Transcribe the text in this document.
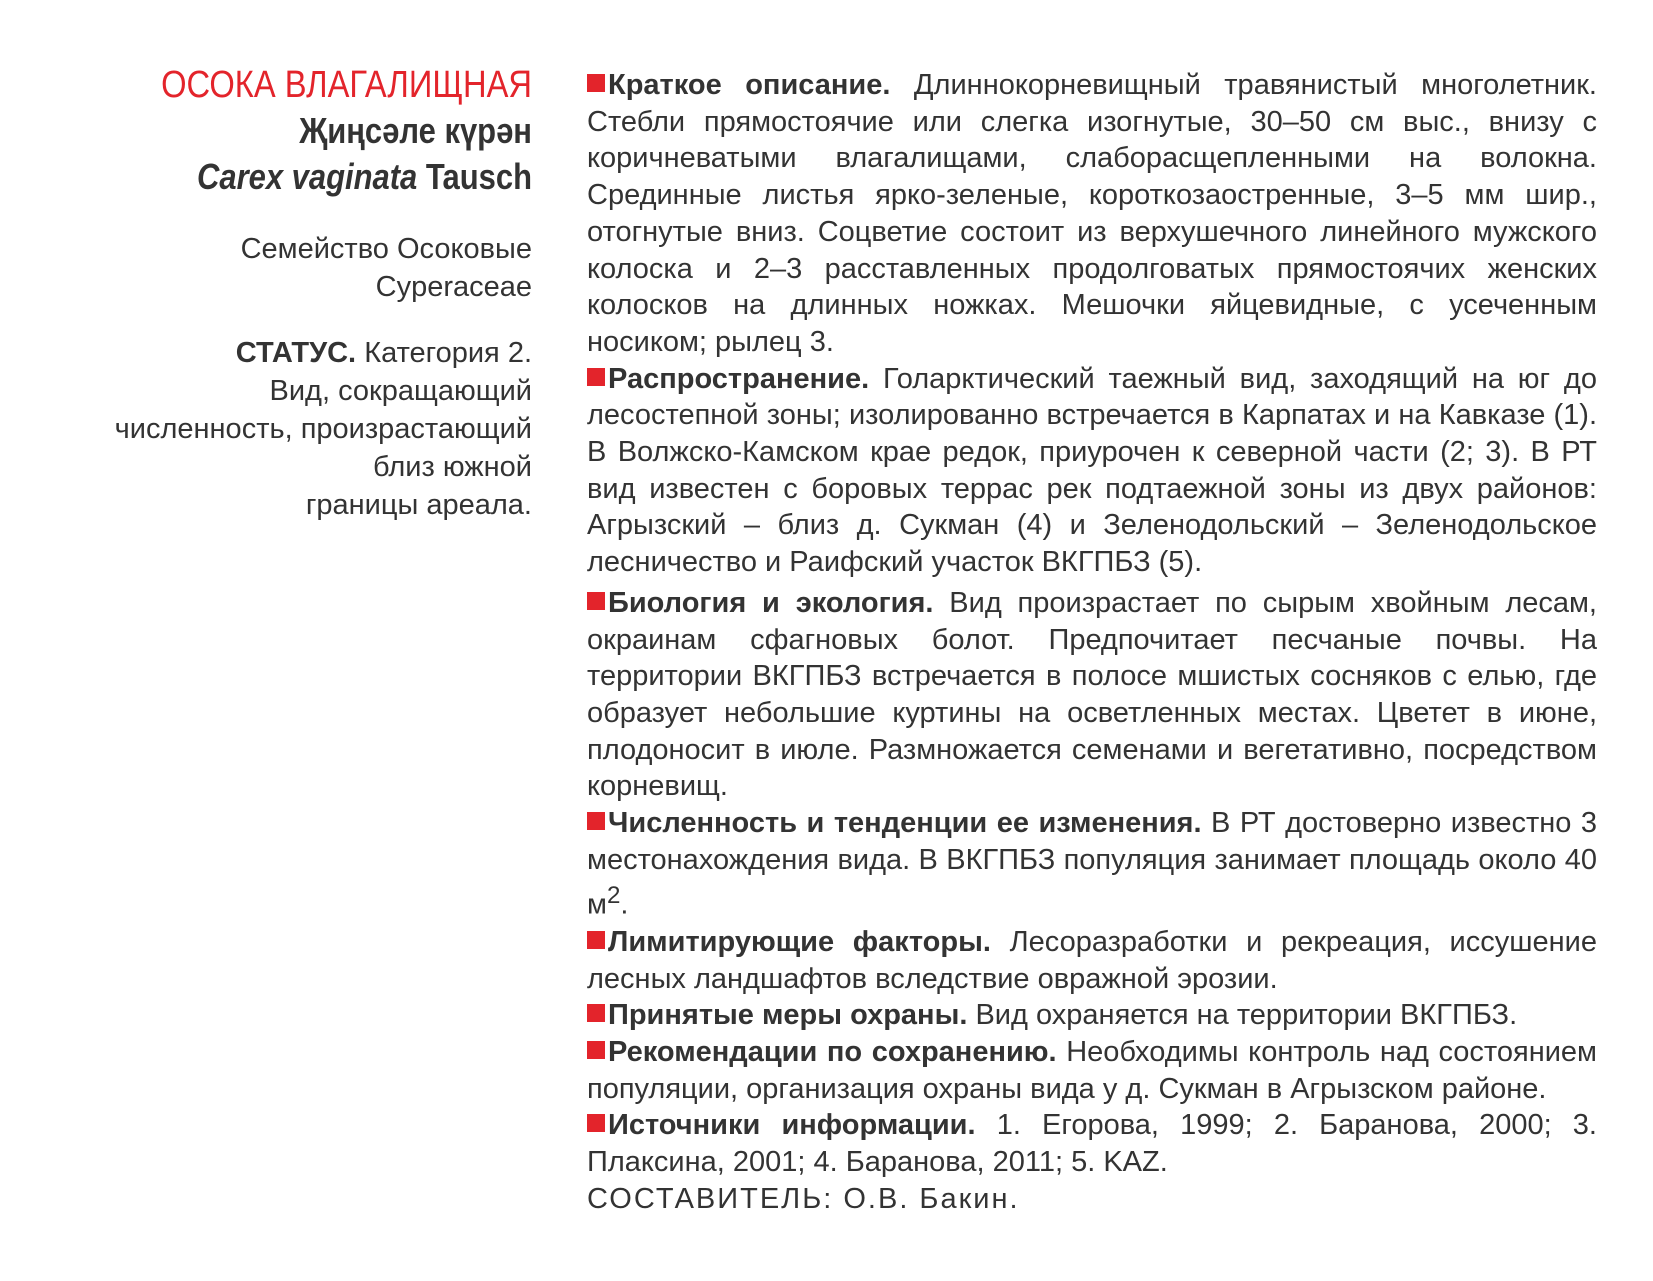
ОСОКА ВЛАГАЛИЩНАЯ
Җиңсәле күрән
Carex vaginata Tausch
Семейство Осоковые
Cyperaceae
СТАТУС. Категория 2.
Вид, сокращающий
численность, произрастающий
близ южной
границы ареала.

Краткое описание. Длиннокорневищный травянистый многолетник. Стебли прямостоячие или слегка изогнутые, 30–50 см выс., внизу с коричневатыми влагалищами, слаборасщепленными на волокна. Срединные листья ярко-зеленые, короткозаостренные, 3–5 мм шир., отогнутые вниз. Соцветие состоит из верхушечного линейного мужского колоска и 2–3 расставленных продолговатых прямостоячих женских колосков на длинных ножках. Мешочки яйцевидные, с усеченным носиком; рылец 3.

Распространение. Голарктический таежный вид, заходящий на юг до лесостепной зоны; изолированно встречается в Карпатах и на Кавказе (1). В Волжско-Камском крае редок, приурочен к северной части (2; 3). В РТ вид известен с боровых террас рек подтаежной зоны из двух районов: Агрызский – близ д. Сукман (4) и Зеленодольский – Зеленодольское лесничество и Раифский участок ВКГПБЗ (5).

Биология и экология. Вид произрастает по сырым хвойным лесам, окраинам сфагновых болот. Предпочитает песчаные почвы. На территории ВКГПБЗ встречается в полосе мшистых сосняков с елью, где образует небольшие куртины на осветленных местах. Цветет в июне, плодоносит в июле. Размножается семенами и вегетативно, посредством корневищ.

Численность и тенденции ее изменения. В РТ достоверно известно 3 местонахождения вида. В ВКГПБЗ популяция занимает площадь около 40 $м^2$.

Лимитирующие факторы. Лесоразработки и рекреация, иссушение лесных ландшафтов вследствие овражной эрозии.

Принятые меры охраны. Вид охраняется на территории ВКГПБЗ.

Рекомендации по сохранению. Необходимы контроль над состоянием популяции, организация охраны вида у д. Сукман в Агрызском районе.

Источники информации. 1. Егорова, 1999; 2. Баранова, 2000; 3. Плаксина, 2001; 4. Баранова, 2011; 5. KAZ.

СОСТАВИТЕЛЬ: О.В. Бакин.
